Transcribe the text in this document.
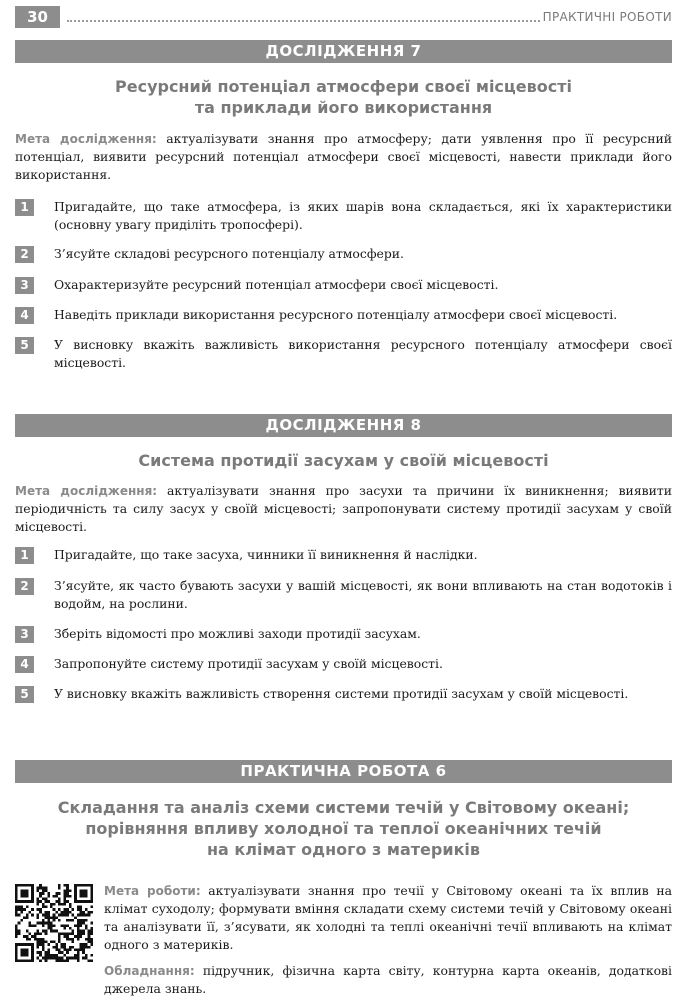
30	ПРАКТИЧНІ РОБОТИ
ДОСЛІДЖЕННЯ 7
Ресурсний потенціал атмосфери своєї місцевості
та приклади його використання
Мета дослідження: актуалізувати знання про атмосферу; дати уявлення про її ресурсний потенціал, виявити ресурсний потенціал атмосфери своєї місцевості, навести приклади його використання.
1	Пригадайте, що таке атмосфера, із яких шарів вона складається, які їх характеристики (основну увагу приділіть тропосфері).
2	З’ясуйте складові ресурсного потенціалу атмосфери.
3	Охарактеризуйте ресурсний потенціал атмосфери своєї місцевості.
4	Наведіть приклади використання ресурсного потенціалу атмосфери своєї місцевості.
5	У висновку вкажіть важливість використання ресурсного потенціалу атмосфери своєї місцевості.
ДОСЛІДЖЕННЯ 8
Система протидії засухам у своїй місцевості
Мета дослідження: актуалізувати знання про засухи та причини їх виникнення; виявити періодичність та силу засух у своїй місцевості; запропонувати систему протидії засухам у своїй місцевості.
1	Пригадайте, що таке засуха, чинники її виникнення й наслідки.
2	З’ясуйте, як часто бувають засухи у вашій місцевості, як вони впливають на стан водотоків і водойм, на рослини.
3	Зберіть відомості про можливі заходи протидії засухам.
4	Запропонуйте систему протидії засухам у своїй місцевості.
5	У висновку вкажіть важливість створення системи протидії засухам у своїй місцевості.
ПРАКТИЧНА РОБОТА 6
Складання та аналіз схеми системи течій у Світовому океані;
порівняння впливу холодної та теплої океанічних течій
на клімат одного з материків
Мета роботи: актуалізувати знання про течії у Світовому океані та їх вплив на клімат суходолу; формувати вміння складати схему системи течій у Світовому океані та аналізувати її, з’ясувати, як холодні та теплі океанічні течії впливають на клімат одного з материків.
Обладнання: підручник, фізична карта світу, контурна карта океанів, додаткові джерела знань.
